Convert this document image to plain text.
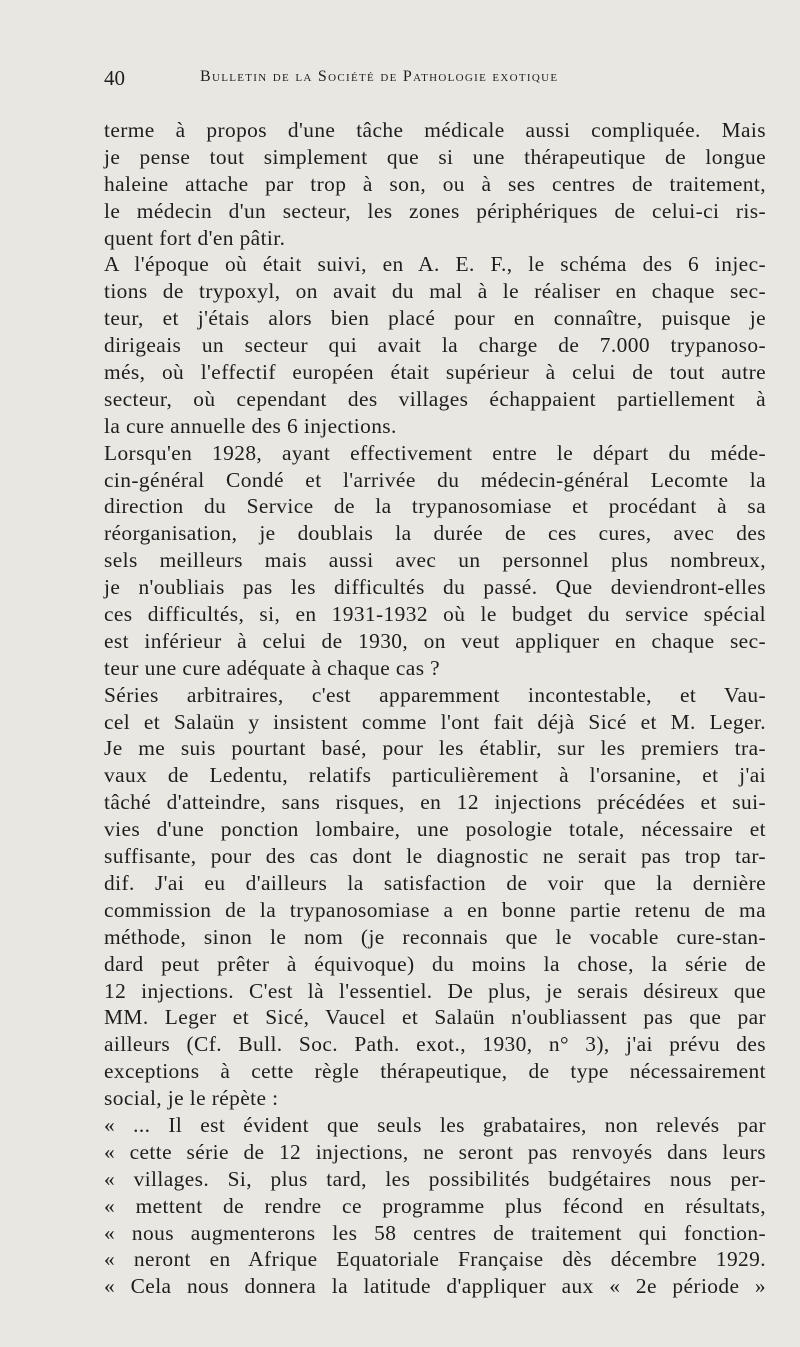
40	Bulletin de la Société de Pathologie exotique
terme à propos d'une tâche médicale aussi compliquée. Mais
je pense tout simplement que si une thérapeutique de longue
haleine attache par trop à son, ou à ses centres de traitement,
le médecin d'un secteur, les zones périphériques de celui-ci ris-
quent fort d'en pâtir.
A l'époque où était suivi, en A. E. F., le schéma des 6 injec-
tions de trypoxyl, on avait du mal à le réaliser en chaque sec-
teur, et j'étais alors bien placé pour en connaître, puisque je
dirigeais un secteur qui avait la charge de 7.000 trypanoso-
més, où l'effectif européen était supérieur à celui de tout autre
secteur, où cependant des villages échappaient partiellement à
la cure annuelle des 6 injections.
Lorsqu'en 1928, ayant effectivement entre le départ du méde-
cin-général Condé et l'arrivée du médecin-général Lecomte la
direction du Service de la trypanosomiase et procédant à sa
réorganisation, je doublais la durée de ces cures, avec des
sels meilleurs mais aussi avec un personnel plus nombreux,
je n'oubliais pas les difficultés du passé. Que deviendront-elles
ces difficultés, si, en 1931-1932 où le budget du service spécial
est inférieur à celui de 1930, on veut appliquer en chaque sec-
teur une cure adéquate à chaque cas ?
Séries arbitraires, c'est apparemment incontestable, et Vau-
cel et Salaün y insistent comme l'ont fait déjà Sicé et M. Leger.
Je me suis pourtant basé, pour les établir, sur les premiers tra-
vaux de Ledentu, relatifs particulièrement à l'orsanine, et j'ai
tâché d'atteindre, sans risques, en 12 injections précédées et sui-
vies d'une ponction lombaire, une posologie totale, nécessaire et
suffisante, pour des cas dont le diagnostic ne serait pas trop tar-
dif. J'ai eu d'ailleurs la satisfaction de voir que la dernière
commission de la trypanosomiase a en bonne partie retenu de ma
méthode, sinon le nom (je reconnais que le vocable cure-stan-
dard peut prêter à équivoque) du moins la chose, la série de
12 injections. C'est là l'essentiel. De plus, je serais désireux que
MM. Leger et Sicé, Vaucel et Salaün n'oubliassent pas que par
ailleurs (Cf. Bull. Soc. Path. exot., 1930, n° 3), j'ai prévu des
exceptions à cette règle thérapeutique, de type nécessairement
social, je le répète :
« ... Il est évident que seuls les grabataires, non relevés par
« cette série de 12 injections, ne seront pas renvoyés dans leurs
« villages. Si, plus tard, les possibilités budgétaires nous per-
« mettent de rendre ce programme plus fécond en résultats,
« nous augmenterons les 58 centres de traitement qui fonction-
« neront en Afrique Equatoriale Française dès décembre 1929.
« Cela nous donnera la latitude d'appliquer aux « 2e période »
